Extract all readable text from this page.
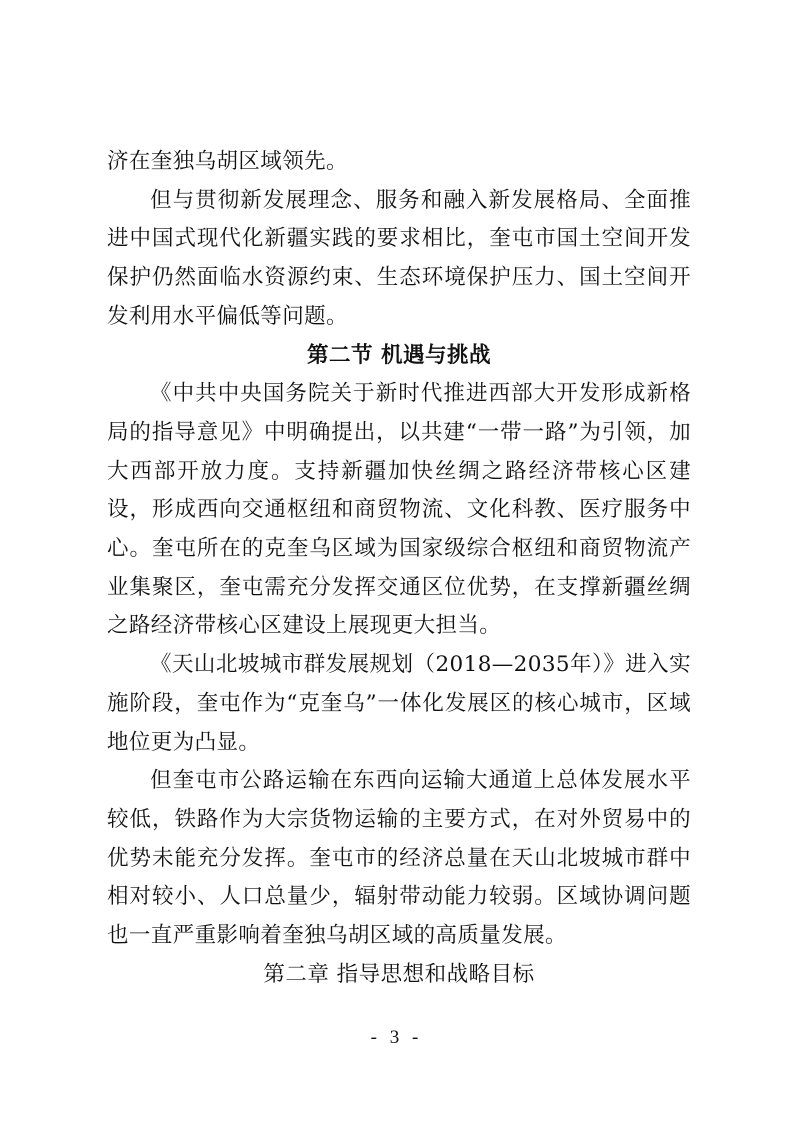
济在奎独乌胡区域领先。

但与贯彻新发展理念、服务和融入新发展格局、全面推进中国式现代化新疆实践的要求相比，奎屯市国土空间开发保护仍然面临水资源约束、生态环境保护压力、国土空间开发利用水平偏低等问题。

第二节 机遇与挑战

《中共中央国务院关于新时代推进西部大开发形成新格局的指导意见》中明确提出，以共建“一带一路”为引领，加大西部开放力度。支持新疆加快丝绸之路经济带核心区建设，形成西向交通枢纽和商贸物流、文化科教、医疗服务中心。奎屯所在的克奎乌区域为国家级综合枢纽和商贸物流产业集聚区，奎屯需充分发挥交通区位优势，在支撑新疆丝绸之路经济带核心区建设上展现更大担当。

《天山北坡城市群发展规划（2018—2035年）》进入实施阶段，奎屯作为“克奎乌”一体化发展区的核心城市，区域地位更为凸显。

但奎屯市公路运输在东西向运输大通道上总体发展水平较低，铁路作为大宗货物运输的主要方式，在对外贸易中的优势未能充分发挥。奎屯市的经济总量在天山北坡城市群中相对较小、人口总量少，辐射带动能力较弱。区域协调问题也一直严重影响着奎独乌胡区域的高质量发展。

第二章 指导思想和战略目标
- 3 -
